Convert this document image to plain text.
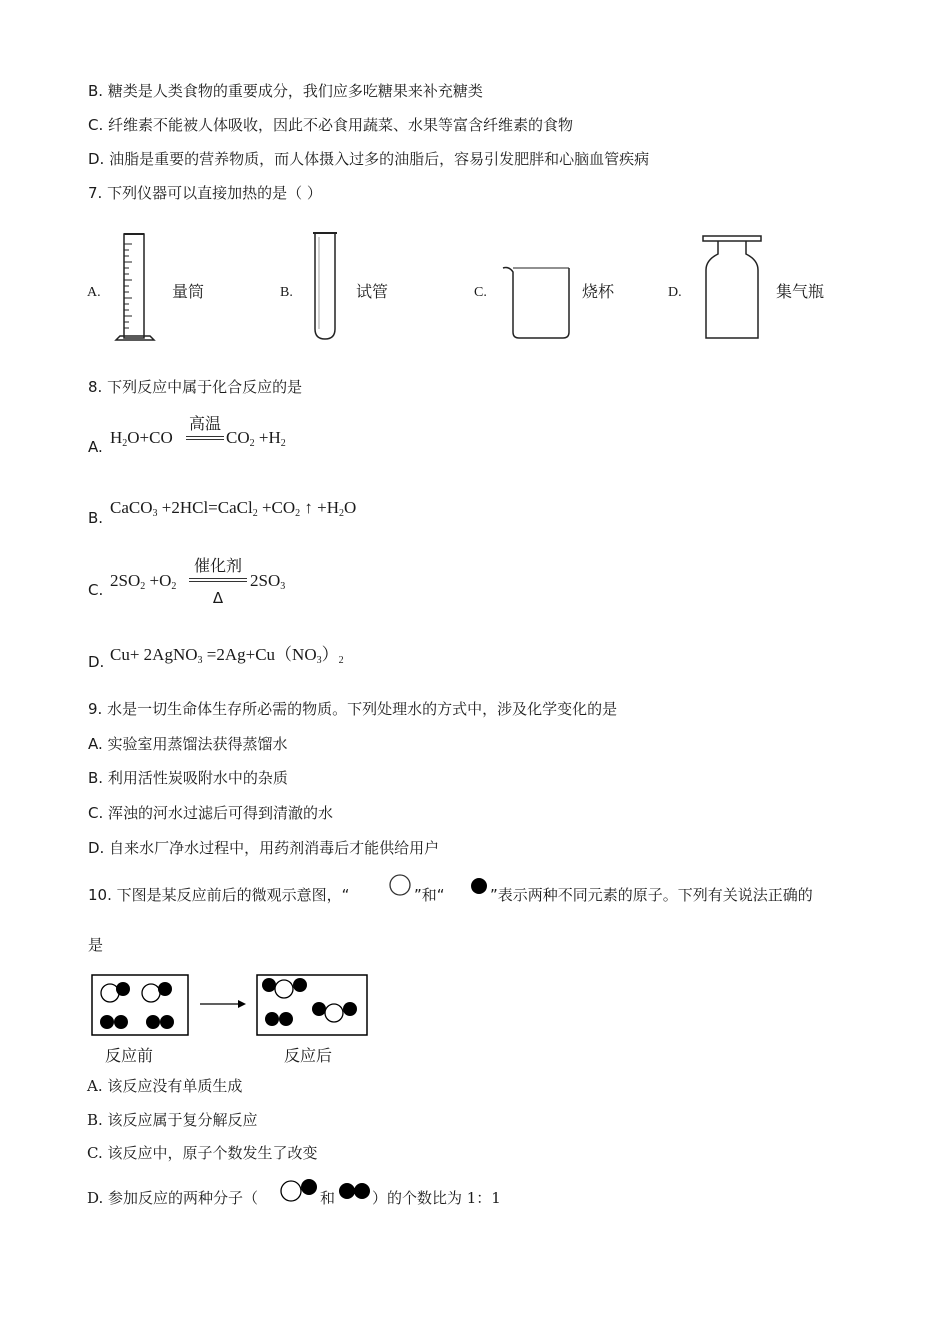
B. 糖类是人类食物的重要成分，我们应多吃糖果来补充糖类
C. 纤维素不能被人体吸收，因此不必食用蔬菜、水果等富含纤维素的食物
D. 油脂是重要的营养物质，而人体摄入过多的油脂后，容易引发肥胖和心脑血管疾病
7. 下列仪器可以直接加热的是（ ）
A.	量筒	B.	试管	C.	烧杯	D.	集气瓶
8. 下列反应中属于化合反应的是
A. $H_2O+CO$
高温
$CO_2 +H_2$
B.
CaCO$_3$ +2HCl=CaCl$_2$ $+CO_2$ ↑ $+H_2O$
C. $2SO_2 +O_2$
催化剂
Δ
$2SO_3$
D. Cu+ 2AgNO$_3$ $=2Ag+Cu(NO_3)_2$
9. 水是一切生命体生存所必需的物质。下列处理水的方式中，涉及化学变化的是
A. 实验室用蒸馏法获得蒸馏水
B. 利用活性炭吸附水中的杂质
C. 浑浊的河水过滤后可得到清澈的水
D. 自来水厂净水过程中，用药剂消毒后才能供给用户
10. 下图是某反应前后的微观示意图，“	”和“	”表示两种不同元素的原子。下列有关说法正确的
是
反应前	反应后
A. 该反应没有单质生成
B. 该反应属于复分解反应
C. 该反应中，原子个数发生了改变
D. 参加反应的两种分子（	和 ）的个数比为 1：1
